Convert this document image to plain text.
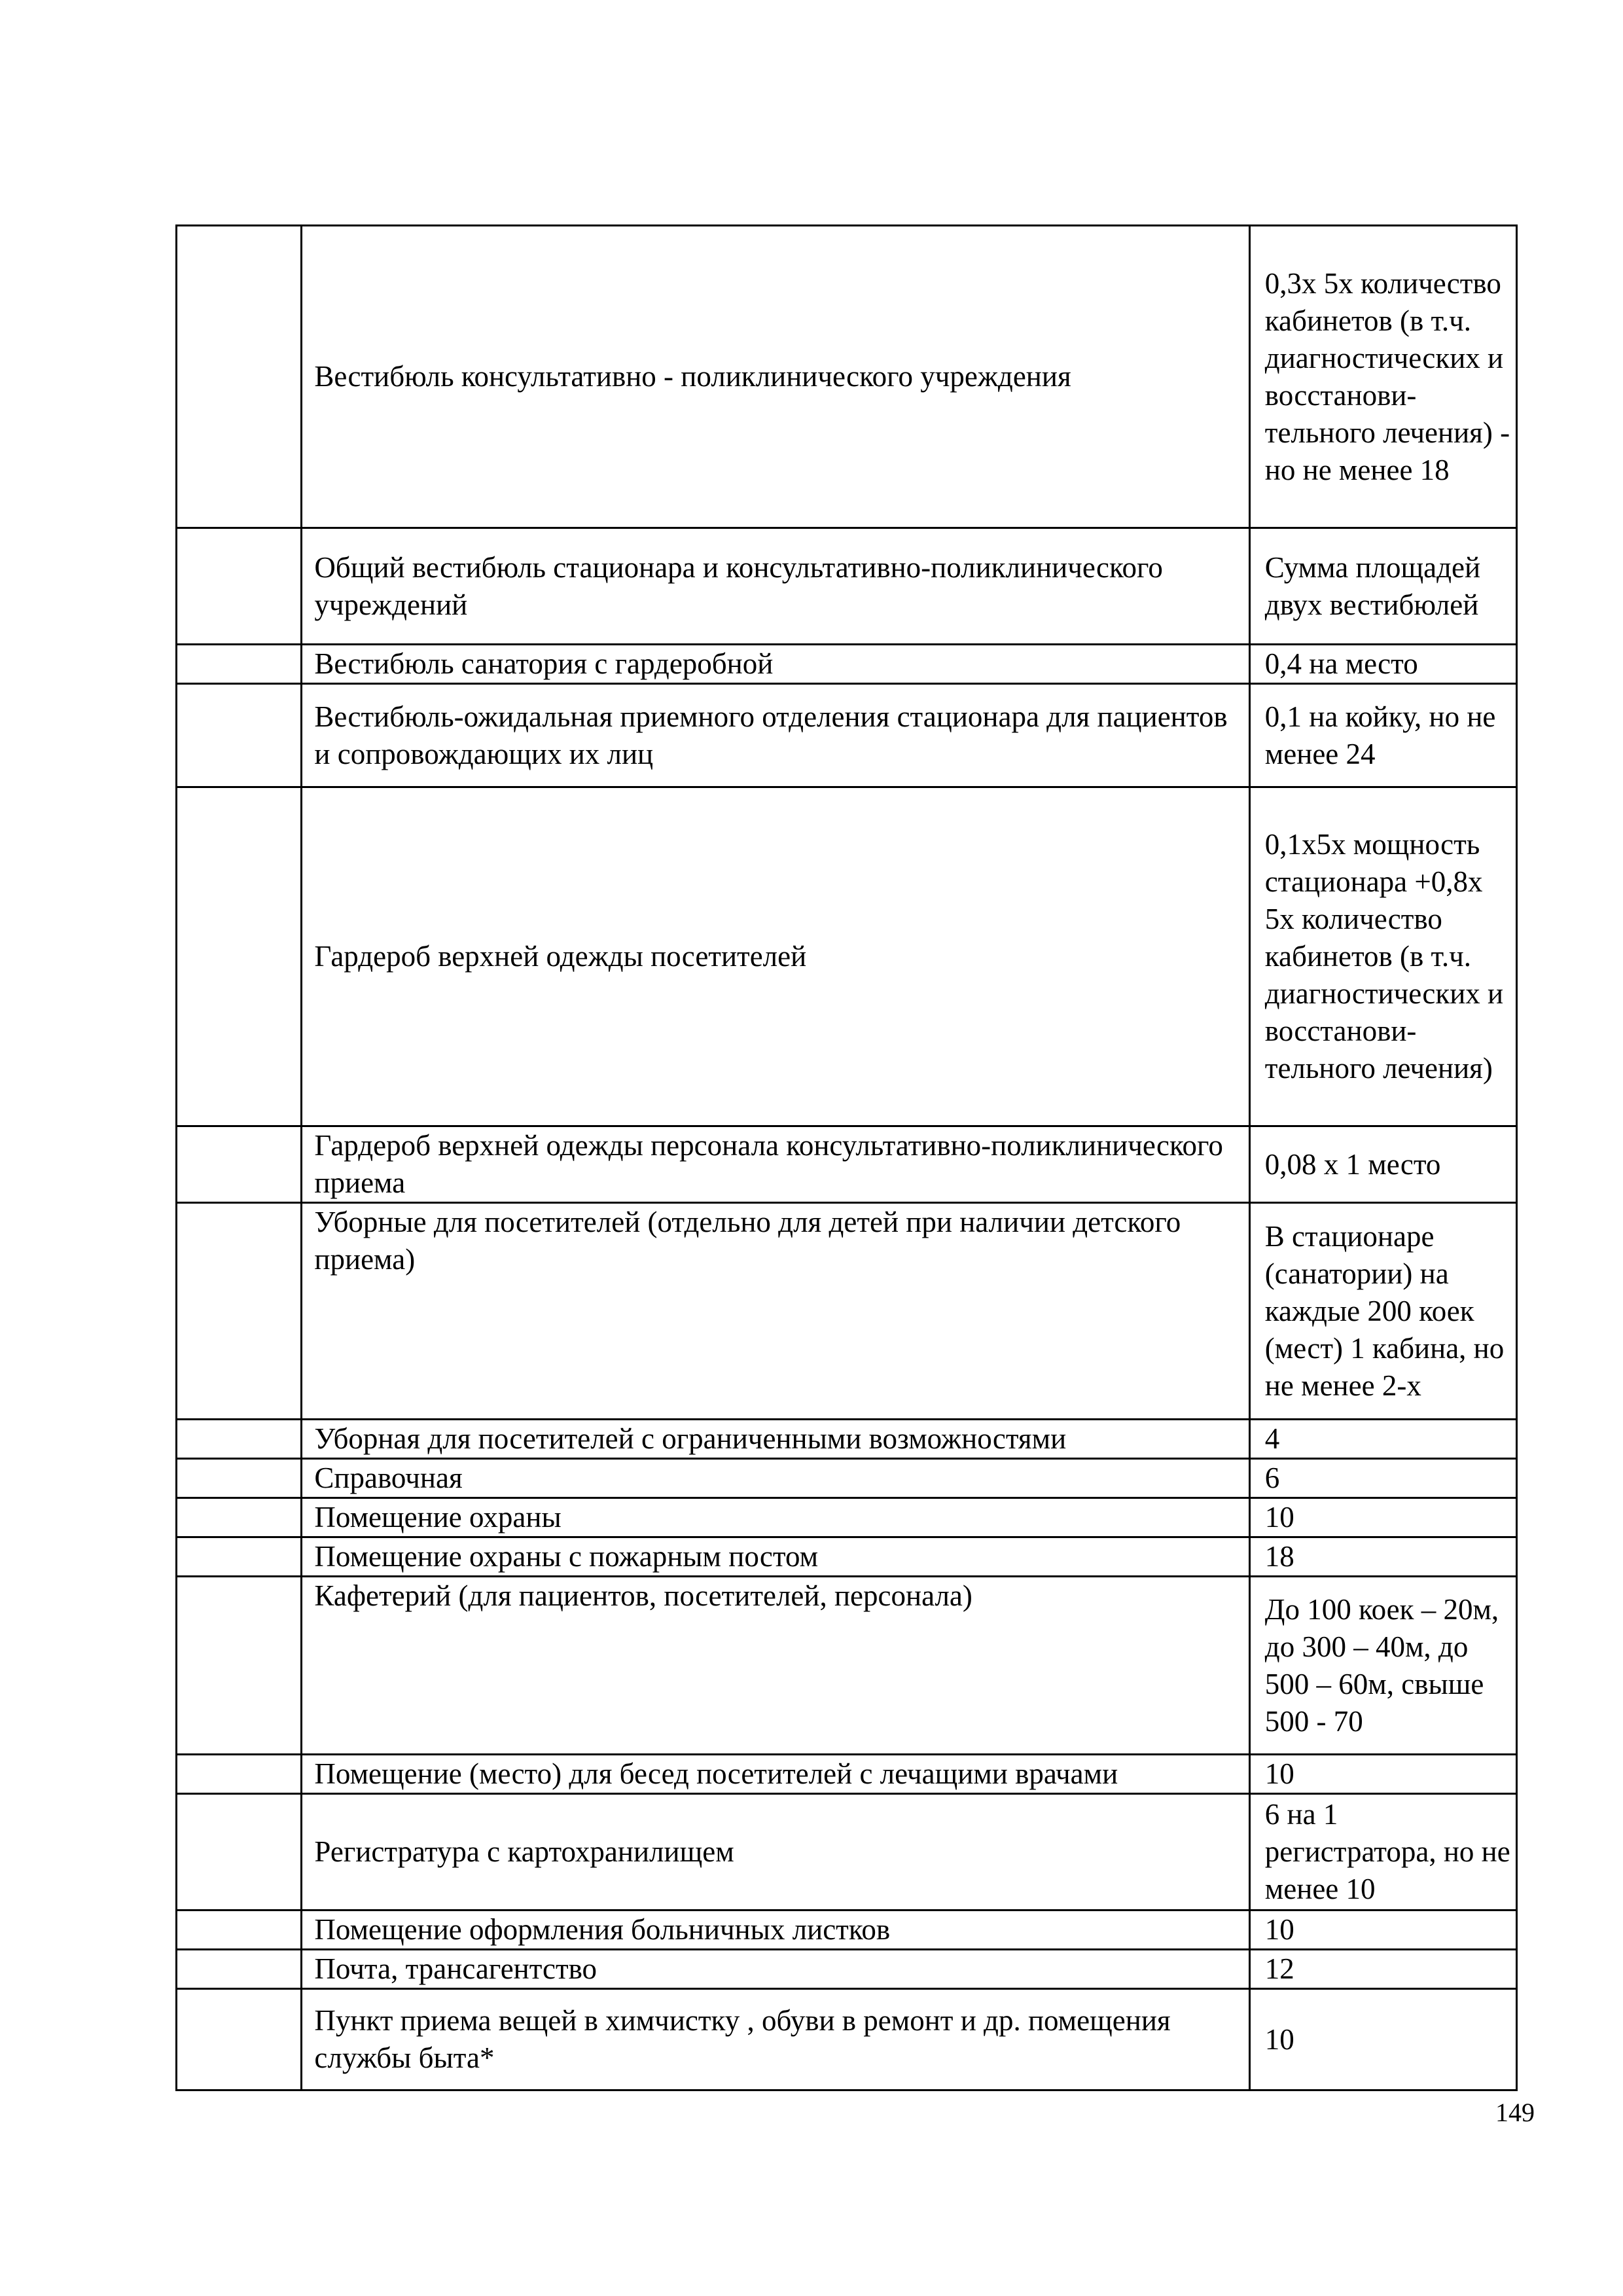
	Вестибюль консультативно - поликлинического учреждения	0,3х 5х количество кабинетов (в т.ч. диагностических и восстанови-тельного лечения) - но не менее 18
	Общий вестибюль стационара и консультативно-поликлинического учреждений	Сумма площадей двух вестибюлей
	Вестибюль санатория с гардеробной	0,4 на место
	Вестибюль-ожидальная приемного отделения стационара для пациентов и сопровождающих их лиц	0,1 на койку, но не менее 24
	Гардероб верхней одежды посетителей	0,1х5х мощность стационара +0,8х 5х количество кабинетов (в т.ч. диагностических и восстанови-тельного лечения)
	Гардероб верхней одежды персонала консультативно-поликлинического приема	0,08 х 1 место
	Уборные для посетителей (отдельно для детей при наличии детского приема)	В стационаре (санатории) на каждые 200 коек (мест) 1 кабина, но не менее 2-х
	Уборная для посетителей с ограниченными возможностями	4
	Справочная	6
	Помещение охраны	10
	Помещение охраны с пожарным постом	18
	Кафетерий (для пациентов, посетителей, персонала)	До 100 коек – 20м, до 300 – 40м, до 500 – 60м, свыше 500 - 70
	Помещение (место) для бесед посетителей с лечащими врачами	10
	Регистратура с картохранилищем	6 на 1 регистратора, но не менее 10
	Помещение оформления больничных листков	10
	Почта, трансагентство	12
	Пункт приема вещей в химчистку , обуви в ремонт и др. помещения службы быта*	10
149
